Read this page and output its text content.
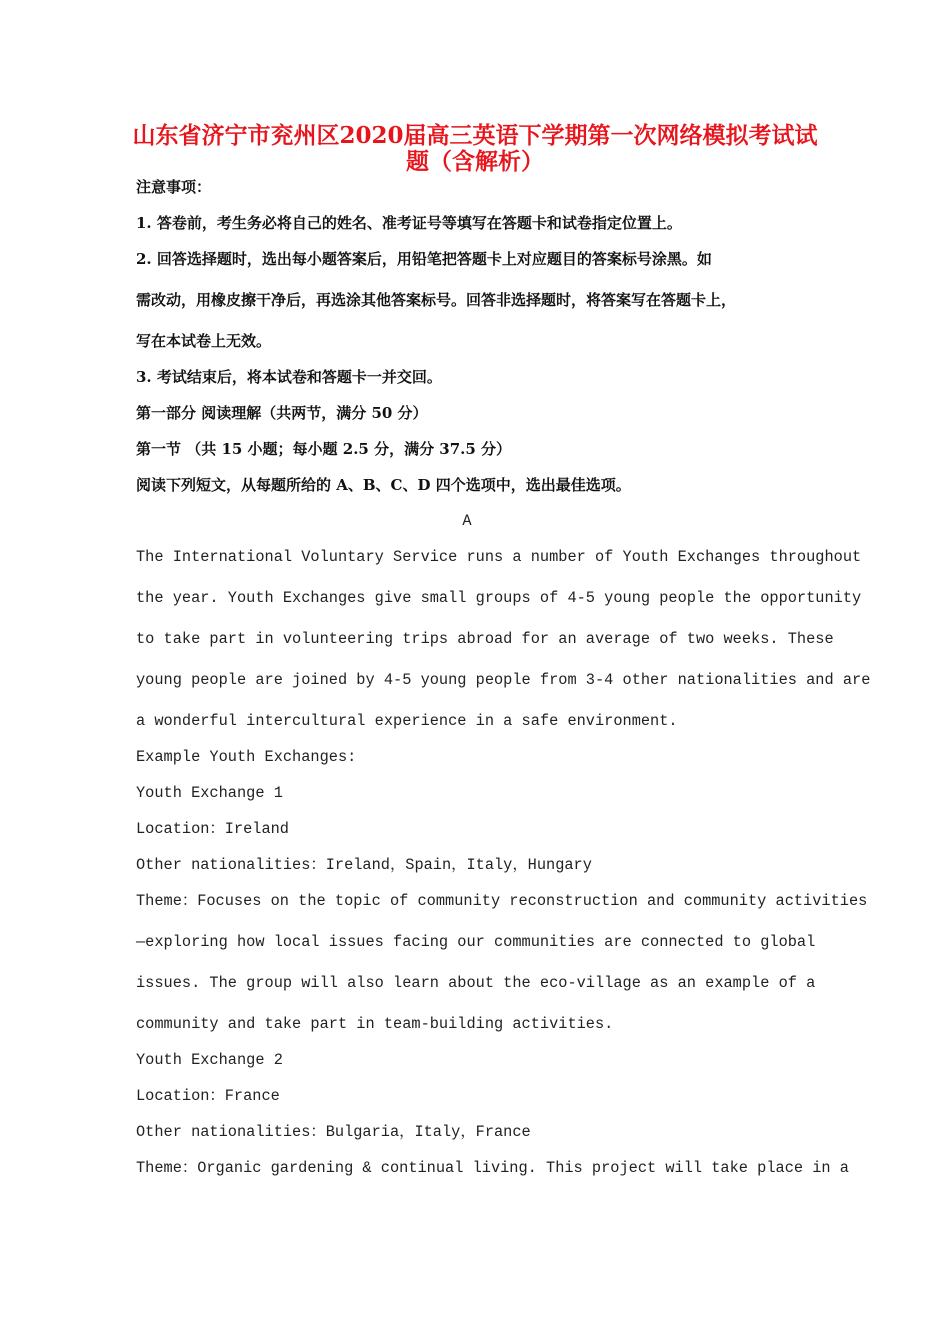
山东省济宁市兖州区2020届高三英语下学期第一次网络模拟考试试
题（含解析）
注意事项：
1. 答卷前，考生务必将自己的姓名、准考证号等填写在答题卡和试卷指定位置上。
2. 回答选择题时，选出每小题答案后，用铅笔把答题卡上对应题目的答案标号涂黑。如
需改动，用橡皮擦干净后，再选涂其他答案标号。回答非选择题时，将答案写在答题卡上，
写在本试卷上无效。
3. 考试结束后，将本试卷和答题卡一并交回。
第一部分 阅读理解（共两节，满分 50 分）
第一节 （共 15 小题；每小题 2.5 分，满分 37.5 分）
阅读下列短文，从每题所给的 A、B、C、D 四个选项中，选出最佳选项。
A
The International Voluntary Service runs a number of Youth Exchanges throughout
the year. Youth Exchanges give small groups of 4-5 young people the opportunity
to take part in volunteering trips abroad for an average of two weeks. These
young people are joined by 4-5 young people from 3-4 other nationalities and are
a wonderful intercultural experience in a safe environment.
Example Youth Exchanges:
Youth Exchange 1
Location：Ireland
Other nationalities：Ireland，Spain，Italy，Hungary
Theme：Focuses on the topic of community reconstruction and community activities
—exploring how local issues facing our communities are connected to global
issues. The group will also learn about the eco-village as an example of a
community and take part in team-building activities.
Youth Exchange 2
Location：France
Other nationalities：Bulgaria，Italy，France
Theme：Organic gardening & continual living. This project will take place in a
